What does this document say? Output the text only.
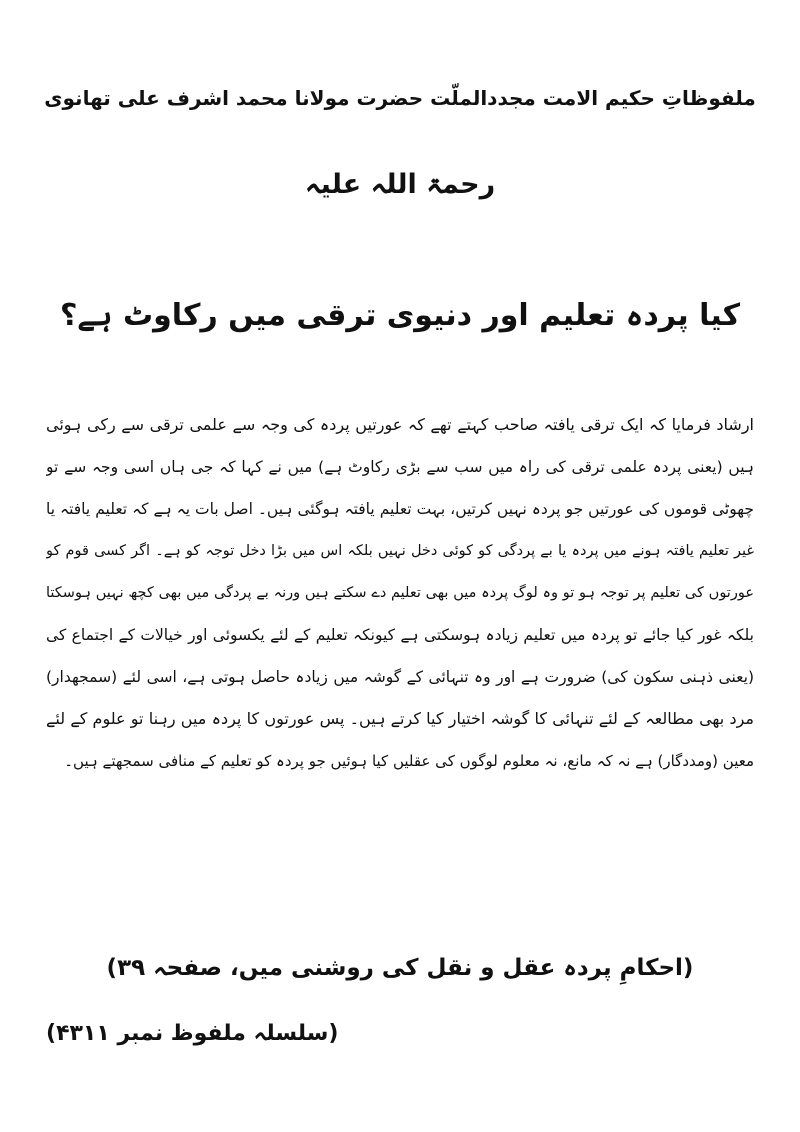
ملفوظاتِ حکیم الامت مجددالملّت حضرت مولانا محمد اشرف علی تھانوی
رحمۃ اللہ علیہ
کیا پردہ تعلیم اور دنیوی ترقی میں رکاوٹ ہے؟
ارشاد فرمایا کہ ایک ترقی یافتہ صاحب کہتے تھے کہ عورتیں پردہ کی وجہ سے علمی ترقی سے رکی ہوئی
ہیں (یعنی پردہ علمی ترقی کی راہ میں سب سے بڑی رکاوٹ ہے) میں نے کہا کہ جی ہاں اسی وجہ سے تو
چھوٹی قوموں کی عورتیں جو پردہ نہیں کرتیں، بہت تعلیم یافتہ ہوگئی ہیں۔ اصل بات یہ ہے کہ تعلیم یافتہ یا
غیر تعلیم یافتہ ہونے میں پردہ یا بے پردگی کو کوئی دخل نہیں بلکہ اس میں بڑا دخل توجہ کو ہے۔ اگر کسی قوم کو
عورتوں کی تعلیم پر توجہ ہو تو وہ لوگ پردہ میں بھی تعلیم دے سکتے ہیں ورنہ بے پردگی میں بھی کچھ نہیں ہوسکتا
بلکہ غور کیا جائے تو پردہ میں تعلیم زیادہ ہوسکتی ہے کیونکہ تعلیم کے لئے یکسوئی اور خیالات کے اجتماع کی
(یعنی ذہنی سکون کی) ضرورت ہے اور وہ تنہائی کے گوشہ میں زیادہ حاصل ہوتی ہے، اسی لئے (سمجھدار)
مرد بھی مطالعہ کے لئے تنہائی کا گوشہ اختیار کیا کرتے ہیں۔ پس عورتوں کا پردہ میں رہنا تو علوم کے لئے
معین (ومددگار) ہے نہ کہ مانع، نہ معلوم لوگوں کی عقلیں کیا ہوئیں جو پردہ کو تعلیم کے منافی سمجھتے ہیں۔
(احکامِ پردہ عقل و نقل کی روشنی میں، صفحہ ۳۹)
(سلسلہ ملفوظ نمبر ۴۳۱۱)
